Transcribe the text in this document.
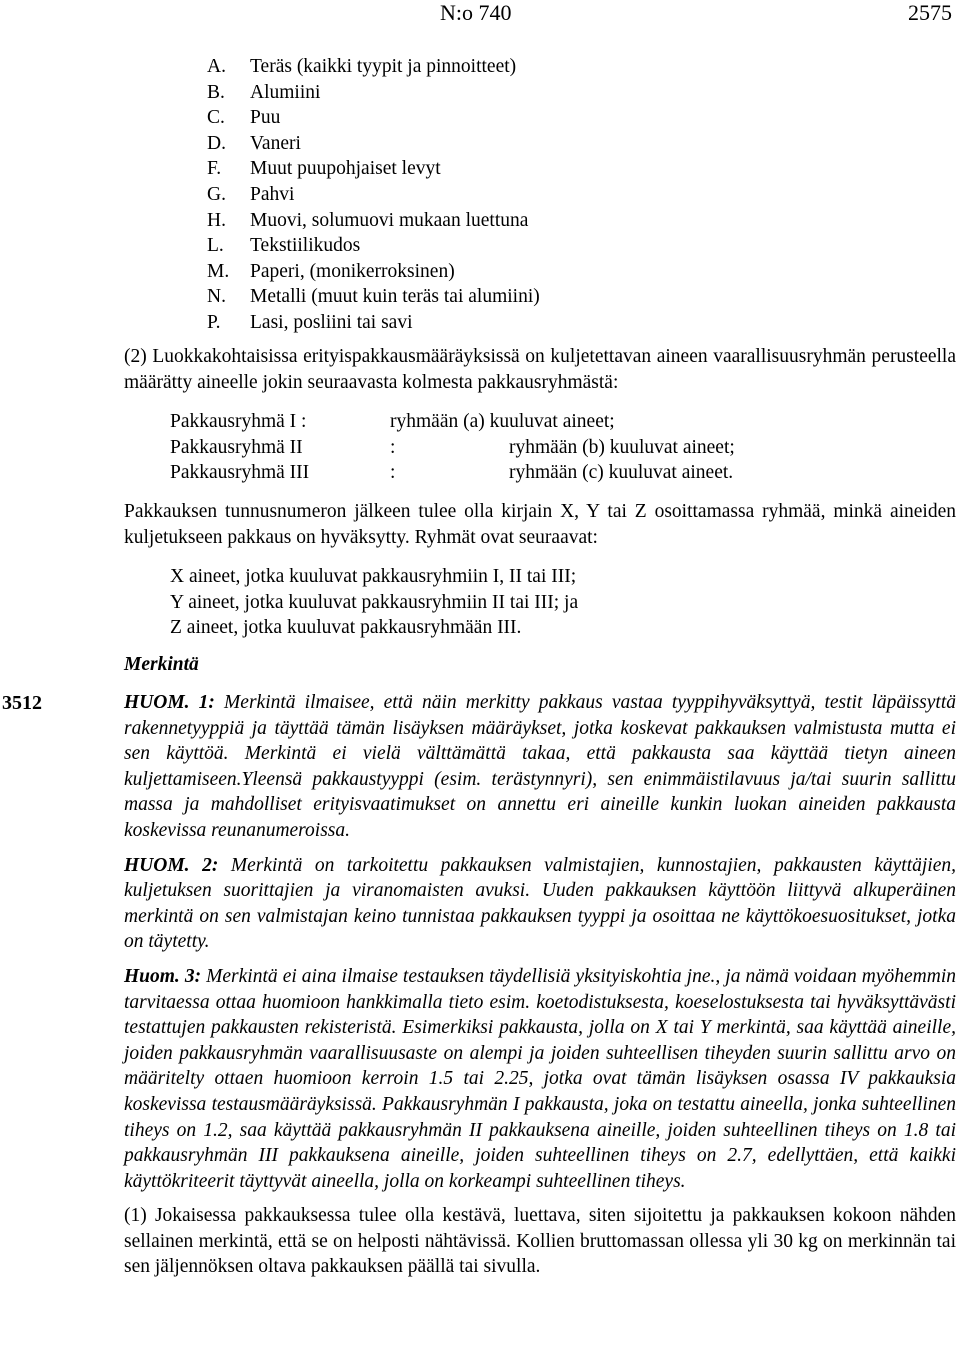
N:o 740	2575
A. Teräs (kaikki tyypit ja pinnoitteet)
B. Alumiini
C. Puu
D. Vaneri
F. Muut puupohjaiset levyt
G. Pahvi
H. Muovi, solumuovi mukaan luettuna
L. Tekstiilikudos
M. Paperi, (monikerroksinen)
N. Metalli (muut kuin teräs tai alumiini)
P. Lasi, posliini tai savi
(2) Luokkakohtaisissa erityispakkausmääräyksissä on kuljetettavan aineen vaarallisuusryhmän perusteella määrätty aineelle jokin seuraavasta kolmesta pakkausryhmästä:
Pakkausryhmä I :	ryhmään (a) kuuluvat aineet;
Pakkausryhmä II	:	ryhmään (b) kuuluvat aineet;
Pakkausryhmä III	:	ryhmään (c) kuuluvat aineet.
Pakkauksen tunnusnumeron jälkeen tulee olla kirjain X, Y tai Z osoittamassa ryhmää, minkä aineiden kuljetukseen pakkaus on hyväksytty. Ryhmät ovat seuraavat:
X aineet, jotka kuuluvat pakkausryhmiin I, II tai III;
Y aineet, jotka kuuluvat pakkausryhmiin II tai III; ja
Z aineet, jotka kuuluvat pakkausryhmään III.
Merkintä
3512	HUOM. 1: Merkintä ilmaisee, että näin merkitty pakkaus vastaa tyyppihyväksyttyä, testit läpäissyttä rakennetyyppiä ja täyttää tämän lisäyksen määräykset, jotka koskevat pakkauksen valmistusta mutta ei sen käyttöä. Merkintä ei vielä välttämättä takaa, että pakkausta saa käyttää tietyn aineen kuljettamiseen.Yleensä pakkaustyyppi (esim. terästynnyri), sen enimmäistilavuus ja/tai suurin sallittu massa ja mahdolliset erityisvaatimukset on annettu eri aineille kunkin luokan aineiden pakkausta koskevissa reunanumeroissa.
HUOM. 2: Merkintä on tarkoitettu pakkauksen valmistajien, kunnostajien, pakkausten käyttäjien, kuljetuksen suorittajien ja viranomaisten avuksi. Uuden pakkauksen käyttöön liittyvä alkuperäinen merkintä on sen valmistajan keino tunnistaa pakkauksen tyyppi ja osoittaa ne käyttökoesuositukset, jotka on täytetty.
Huom. 3: Merkintä ei aina ilmaise testauksen täydellisiä yksityiskohtia jne., ja nämä voidaan myöhemmin tarvitaessa ottaa huomioon hankkimalla tieto esim. koetodistuksesta, koeselostuksesta tai hyväksyttävästi testattujen pakkausten rekisteristä. Esimerkiksi pakkausta, jolla on X tai Y merkintä, saa käyttää aineille, joiden pakkausryhmän vaarallisuusaste on alempi ja joiden suhteellisen tiheyden suurin sallittu arvo on määritelty ottaen huomioon kerroin 1.5 tai 2.25, jotka ovat tämän lisäyksen osassa IV pakkauksia koskevissa testausmääräyksissä. Pakkausryhmän I pakkausta, joka on testattu aineella, jonka suhteellinen tiheys on 1.2, saa käyttää pakkausryhmän II pakkauksena aineille, joiden suhteellinen tiheys on 1.8 tai pakkausryhmän III pakkauksena aineille, joiden suhteellinen tiheys on 2.7, edellyttäen, että kaikki käyttökriteerit täyttyvät aineella, jolla on korkeampi suhteellinen tiheys.
(1) Jokaisessa pakkauksessa tulee olla kestävä, luettava, siten sijoitettu ja pakkauksen kokoon nähden sellainen merkintä, että se on helposti nähtävissä. Kollien bruttomassan ollessa yli 30 kg on merkinnän tai sen jäljennöksen oltava pakkauksen päällä tai sivulla.
